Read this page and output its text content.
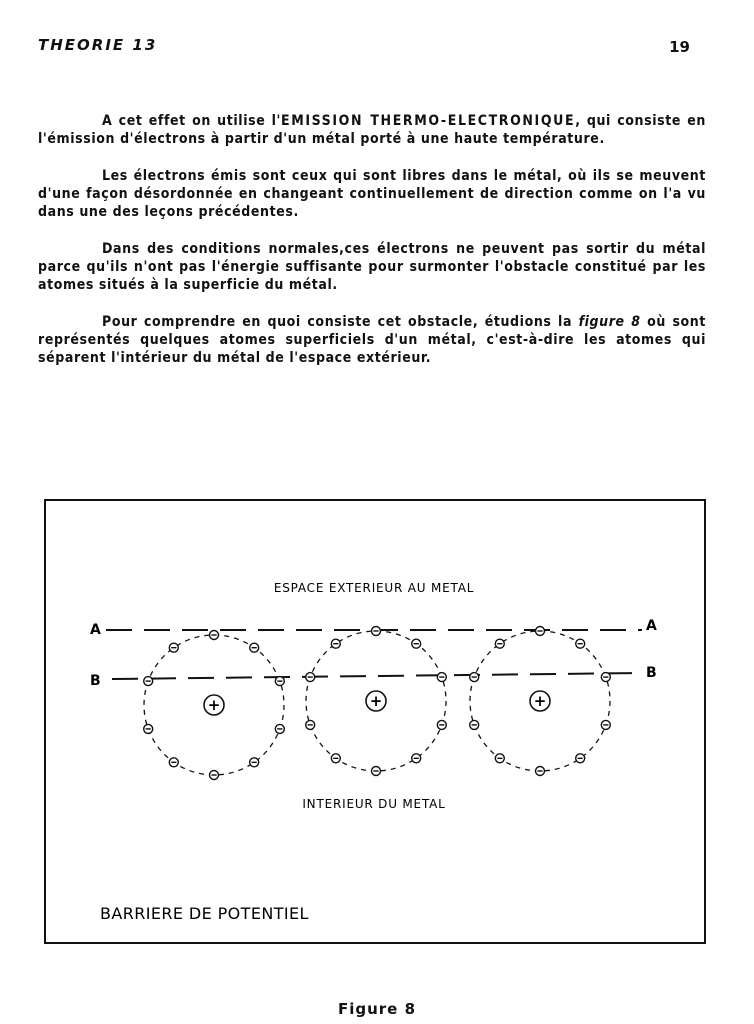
THEORIE 13	19

A cet effet on utilise l'EMISSION THERMO-ELECTRONIQUE, qui consiste en l'émission d'électrons à partir d'un métal porté à une haute température.

Les électrons émis sont ceux qui sont libres dans le métal, où ils se meuvent d'une façon désordonnée en changeant continuellement de direction comme on l'a vu dans une des leçons précédentes.

Dans des conditions normales,ces électrons ne peuvent pas sortir du métal parce qu'ils n'ont pas l'énergie suffisante pour surmonter l'obstacle constitué par les atomes situés à la superficie du métal.

Pour comprendre en quoi consiste cet obstacle, étudions la figure 8 où sont représentés quelques atomes superficiels d'un métal, c'est-à-dire les atomes qui séparent l'intérieur du métal de l'espace extérieur.

ESPACE EXTERIEUR AU METAL
A	A
B	B
+	+	+
INTERIEUR DU METAL
BARRIERE DE POTENTIEL
Figure 8
